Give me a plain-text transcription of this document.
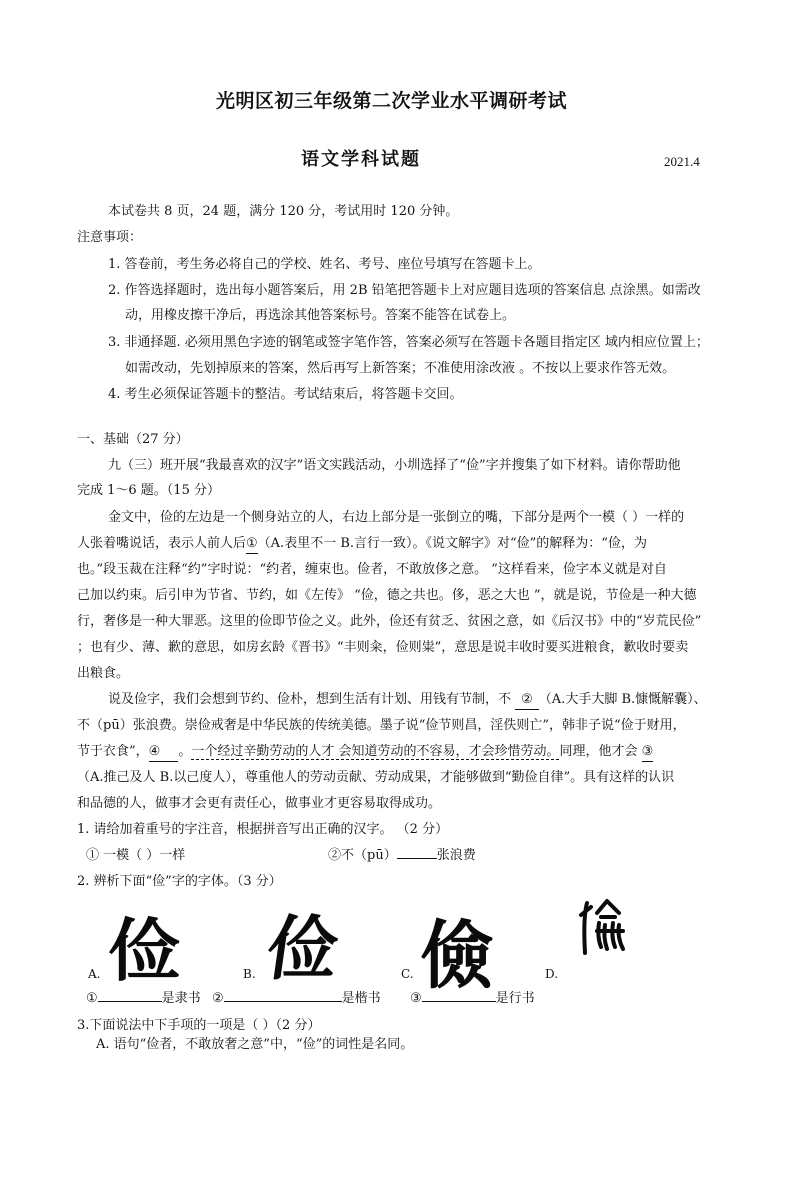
光明区初三年级第二次学业水平调研考试
语文学科试题	2021.4
本试卷共 8 页，24 题，满分 120 分，考试用时 120 分钟。
注意事项：
1. 答卷前，考生务必将自己的学校、姓名、考号、座位号填写在答题卡上。
2. 作答选择题时，选出每小题答案后，用 2B 铅笔把答题卡上对应题目选项的答案信息 点涂黑。如需改
动，用橡皮擦干净后，再选涂其他答案标号。答案不能答在试卷上。
3. 非通择题. 必须用黑色字迹的钢笔或签字笔作答，答案必须写在答题卡各题目指定区 域内相应位置上；
如需改动，先划掉原来的答案，然后再写上新答案；不准使用涂改液 。不按以上要求作答无效。
4. 考生必须保证答题卡的整洁。考试结束后，将答题卡交回。
一、基础（27 分）
九（三）班开展“我最喜欢的汉字”语文实践活动，小圳选择了“俭”字并搜集了如下材料。请你帮助他
完成 1～6 题。（15 分）
金文中，俭的左边是一个侧身站立的人，右边上部分是一张倒立的嘴，下部分是两个一模（ ）一样的
人张着嘴说话，表示人前人后①（A.表里不一 B.言行一致）。《说文解字》对“俭”的解释为：“俭，为
也。”段玉裁在注释“约”字时说：“约者，缠束也。俭者，不敢放侈之意。 ”这样看来，俭字本义就是对自
己加以约束。后引申为节省、节约，如《左传》 “俭，德之共也。侈，恶之大也 ”，就是说，节俭是一种大德
行，奢侈是一种大罪恶。这里的俭即节俭之义。此外，俭还有贫乏、贫困之意，如《后汉书》中的“岁荒民俭”
；也有少、薄、歉的意思，如房玄龄《晋书》“丰则籴，俭则粜”，意思是说丰收时要买进粮食，歉收时要卖
出粮食。
说及俭字，我们会想到节约、俭朴，想到生活有计划、用钱有节制，不 ② （A.大手大脚 B.慷慨解囊）、
不（pū）张浪费。崇俭戒奢是中华民族的传统美德。墨子说“俭节则昌，淫佚则亡”，韩非子说“俭于财用，
节于衣食”，④ 。一个经过辛勤劳动的人才 会知道劳动的不容易，才会珍惜劳动。同理，他才会 ③
（A.推己及人 B.以己度人），尊重他人的劳动贡献、劳动成果，才能够做到“勤俭自律”。具有这样的认识
和品德的人，做事才会更有责任心，做事业才更容易取得成功。
1. 请给加着重号的字注音，根据拼音写出正确的汉字。 （2 分）
① 一模（ ）一样	②不（pū）	张浪费
2. 辨析下面“俭”字的字体。（3 分）
俭 俭 儉
A.	B.	C.	D.
①	是隶书 ②	是楷书 ③	是行书
3.下面说法中下手项的一项是（ ）（2 分）
A. 语句“俭者，不敢放奢之意”中，“俭”的词性是名同。
